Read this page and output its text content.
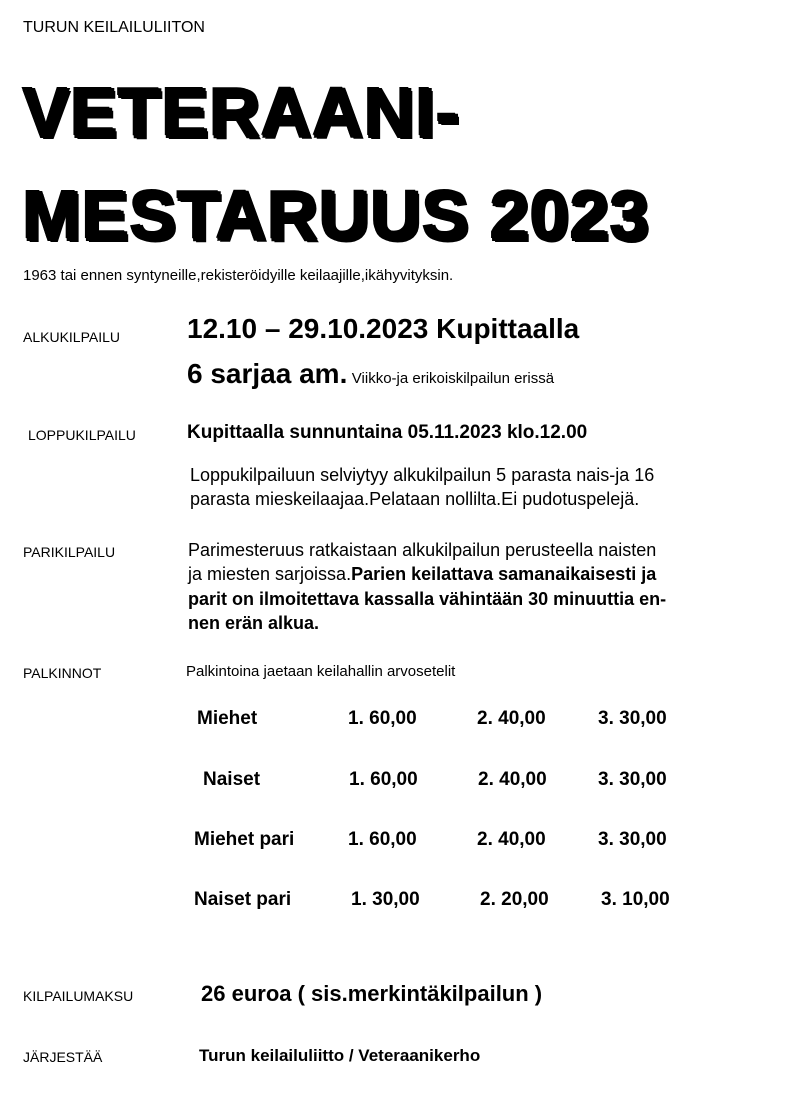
TURUN KEILAILULIITON
VETERAANI-
MESTARUUS 2023
1963 tai ennen syntyneille,rekisteröidyille keilaajille,ikähyvityksin.
ALKUKILPAILU 12.10 – 29.10.2023 Kupittaalla
6 sarjaa am. Viikko-ja erikoiskilpailun erissä
LOPPUKILPAILU	Kupittaalla sunnuntaina 05.11.2023 klo.12.00
Loppukilpailuun selviytyy alkukilpailun 5 parasta nais-ja 16
parasta mieskeilaajaa.Pelataan nollilta.Ei pudotuspelejä.
PARIKILPAILU	Parimesteruus ratkaistaan alkukilpailun perusteella naisten
ja miesten sarjoissa.Parien keilattava samanaikaisesti ja
parit on ilmoitettava kassalla vähintään 30 minuuttia en-
nen erän alkua.
PALKINNOT	Palkintoina jaetaan keilahallin arvosetelit
Miehet	1. 60,00	2. 40,00	3. 30,00
Naiset	1. 60,00	2. 40,00	3. 30,00
Miehet pari	1. 60,00	2. 40,00	3. 30,00
Naiset pari	1. 30,00	2. 20,00	3. 10,00
KILPAILUMAKSU	26 euroa ( sis.merkintäkilpailun )
JÄRJESTÄÄ	Turun keilailuliitto / Veteraanikerho
